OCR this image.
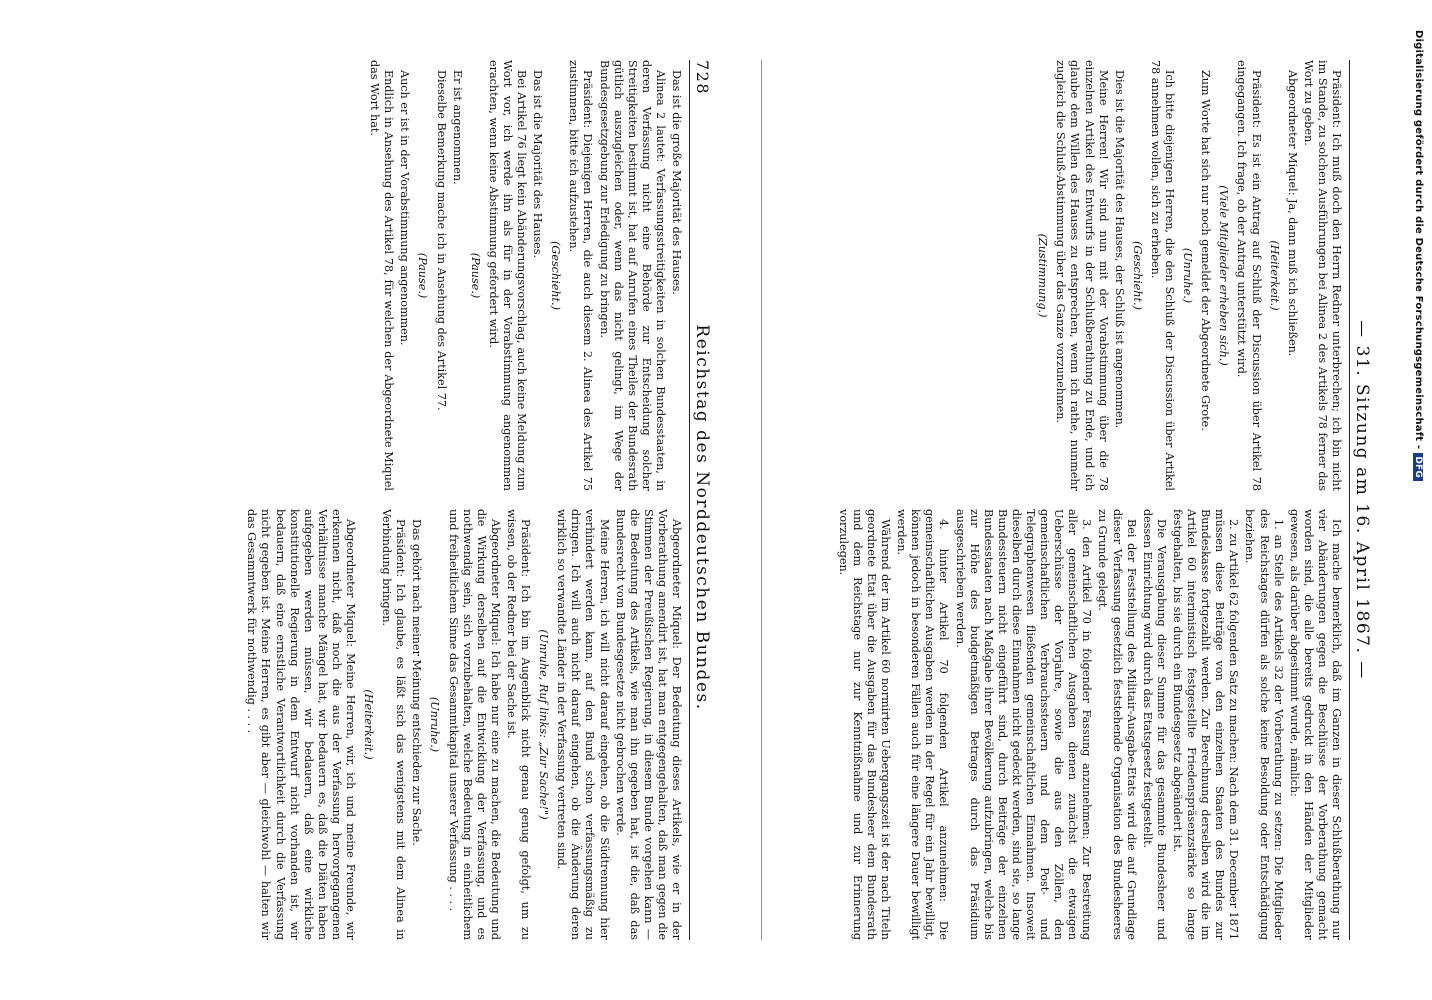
Digitalisierung gefördert durch die Deutsche Forschungsgemeinschaft -DFG
— 31. Sitzung am 16. April 1867. —

Präsident: Ich muß doch den Herrn Redner unterbrechen; ich bin nicht im Stande, zu solchen Ausführungen bei Alinea 2 des Artikels 78 ferner das Wort zu geben.

Abgeordneter Miquel: Ja, dann muß ich schließen.

(Heiterkeit.)

Präsident: Es ist ein Antrag auf Schluß der Discussion über Artikel 78 eingegangen. Ich frage, ob der Antrag unterstützt wird.

(Viele Mitglieder erheben sich.)

Zum Worte hat sich nur noch gemeldet der Abgeordnete Grote.

(Unruhe.)

Ich bitte diejenigen Herren, die den Schluß der Discussion über Artikel 78 annehmen wollen, sich zu erheben.

(Geschieht.)

Dies ist die Majorität des Hauses, der Schluß ist angenommen.

Meine Herren! Wir sind nun mit der Vorabstimmung über die 78 einzelnen Artikel des Entwurfs in der Schlußberathung zu Ende, und ich glaube dem Willen des Hauses zu entsprechen, wenn ich rathe, nunmehr zugleich die Schluß-Abstimmung über das Ganze vorzunehmen.

(Zustimmung.)

Ich mache bemerklich, daß im Ganzen in dieser Schlußberathung nur vier Abänderungen gegen die Beschlüsse der Vorberathung gemacht worden sind, die alle bereits gedruckt in den Händen der Mitglieder gewesen, als darüber abgestimmt wurde, nämlich:

1. an Stelle des Artikels 32 der Vorberathung zu setzen: Die Mitglieder des Reichstages dürfen als solche keine Besoldung oder Entschädigung beziehen.

2. zu Artikel 62 folgenden Satz zu machen: Nach dem 31. December 1871 müssen diese Beiträge von den einzelnen Staaten des Bundes zur Bundeskasse fortgezahlt werden. Zur Berechnung derselben wird die im Artikel 60 interimistisch festgestellte Friedenspräsenzstärke so lange festgehalten, bis sie durch ein Bundesgesetz abgeändert ist.

Die Verausgabung dieser Summe für das gesammte Bundesheer und dessen Einrichtung wird durch das Etatsgesetz festgestellt.

Bei der Feststellung des Militair-Ausgabe-Etats wird die auf Grundlage dieser Verfassung gesetzlich feststehende Organisation des Bundesheeres zu Grunde gelegt.

3. den Artikel 70 in folgender Fassung anzunehmen: Zur Bestreitung aller gemeinschaftlichen Ausgaben dienen zunächst die etwaigen Ueberschüsse der Vorjahre, sowie die aus den Zöllen, den gemeinschaftlichen Verbrauchssteuern und dem Post- und Telegraphenwesen fließenden gemeinschaftlichen Einnahmen. Insoweit dieselben durch diese Einnahmen nicht gedeckt werden, sind sie, so lange Bundessteuern nicht eingeführt sind, durch Beiträge der einzelnen Bundesstaaten nach Maßgabe ihrer Bevölkerung aufzubringen, welche bis zur Höhe des budgetmäßigen Betrages durch das Präsidium ausgeschrieben werden.

4. hinter Artikel 70 folgenden Artikel anzunehmen: Die gemeinschaftlichen Ausgaben werden in der Regel für ein Jahr bewilligt, können jedoch in besonderen Fällen auch für eine längere Dauer bewilligt werden.

Während der im Artikel 60 normirten Uebergangszeit ist der nach Titeln geordnete Etat über die Ausgaben für das Bundesheer dem Bundesrath und dem Reichstage nur zur Kenntnißnahme und zur Erinnerung vorzulegen.

728
Reichstag des Norddeutschen Bundes.

Das ist die große Majorität des Hauses.

Alinea 2 lautet: Verfassungsstreitigkeiten in solchen Bundesstaaten, in deren Verfassung nicht eine Behörde zur Entscheidung solcher Streitigkeiten bestimmt ist, hat auf Anrufen eines Theiles der Bundesrath gütlich auszugleichen oder, wenn das nicht gelingt, im Wege der Bundesgesetzgebung zur Erledigung zu bringen.

Präsident: Diejenigen Herren, die auch diesem 2. Alinea des Artikel 75 zustimmen, bitte ich aufzustehen.

(Geschieht.)

Das ist die Majorität des Hauses.

Bei Artikel 76 liegt kein Abänderungsvorschlag, auch keine Meldung zum Wort vor, ich werde ihn als für in der Vorabstimmung angenommen erachten, wenn keine Abstimmung gefordert wird.

(Pause.)

Er ist angenommen.

Dieselbe Bemerkung mache ich in Ansehung des Artikel 77.

(Pause.)

Auch er ist in der Vorabstimmung angenommen.

Endlich in Ansehung des Artikel 78, für welchen der Abgeordnete Miquel das Wort hat.

Abgeordneter Miquel: Der Bedeutung dieses Artikels, wie er in der Vorberathung amendirt ist, hat man entgegengehalten, daß man gegen die Stimmen der Preußischen Regierung, in diesem Bunde vorgehen kann — die Bedeutung des Artikels, wie man ihn gegeben hat, ist die, daß das Bundesrecht vom Bundesgesetze nicht gebrochen werde.

Meine Herren, ich will nicht darauf eingehen, ob die Südtrennung hier verhindert werden kann, auf den Bund schon verfassungsmäßig zu dringen. Ich will auch nicht darauf eingehen, ob die Änderung deren wirklich so verwandte Länder in der Verfassung vertreten sind.

(Unruhe, Ruf links: „Zur Sache!")

Präsident: Ich bin im Augenblick nicht genau genug gefolgt, um zu wissen, ob der Redner bei der Sache ist.

Abgeordneter Miquel: Ich habe nur eine zu machen, die Bedeutung und die Wirkung derselben auf die Entwicklung der Verfassung, und es nothwendig sein, sich vorzubehalten, welche Bedeutung in einheitlichem und freiheitlichem Sinne das Gesammtkapital unserer Verfassung . . . .

(Unruhe.)

Das gehört nach meiner Meinung entschieden zur Sache.

Präsident: Ich glaube, es läßt sich das wenigstens mit dem Alinea in Verbindung bringen.

(Heiterkeit.)

Abgeordneter Miquel: Meine Herren, wir, ich und meine Freunde, wir erkennen nicht, daß noch die aus der Verfassung hervorgegangenen Verhältnisse manche Mängel hat, wir bedauern es, daß die Diäten haben aufgegeben werden müssen, wir bedauern, daß eine wirkliche konstitutionelle Regierung in dem Entwurf nicht vorhanden ist, wir bedauern, daß eine ernstliche Verantwortlichkeit durch die Verfassung nicht gegeben ist. Meine Herren, es gibt aber — gleichwohl — halten wir das Gesammtwerk für nothwendig . . . .
